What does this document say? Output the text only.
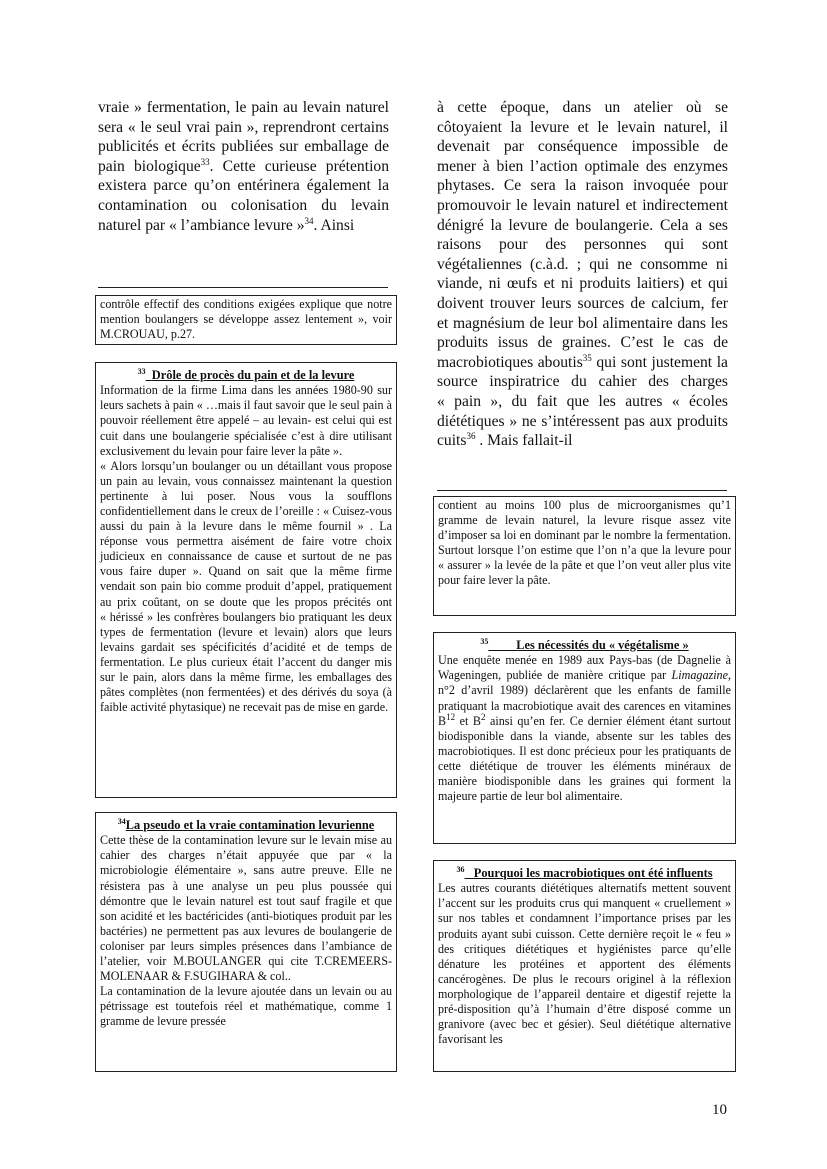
vraie » fermentation, le pain au levain naturel sera « le seul vrai pain », reprendront certains publicités et écrits publiées sur emballage de pain biologique$^{33}$. Cette curieuse prétention existera parce qu’on entérinera également la contamination ou colonisation du levain naturel par « l’ambiance levure »$^{34}$. Ainsi

contrôle effectif des conditions exigées explique que notre mention boulangers se développe assez lentement », voir M.CROUAU, p.27.

33 Drôle de procès du pain et de la levure

Information de la firme Lima dans les années 1980-90 sur leurs sachets à pain « …mais il faut savoir que le seul pain à pouvoir réellement être appelé – au levain- est celui qui est cuit dans une boulangerie spécialisée c’est à dire utilisant exclusivement du levain pour faire lever la pâte ».

« Alors lorsqu’un boulanger ou un détaillant vous propose un pain au levain, vous connaissez maintenant la question pertinente à lui poser. Nous vous la soufflons confidentiellement dans le creux de l’oreille : « Cuisez-vous aussi du pain à la levure dans le même fournil » . La réponse vous permettra aisément de faire votre choix judicieux en connaissance de cause et surtout de ne pas vous faire duper ». Quand on sait que la même firme vendait son pain bio comme produit d’appel, pratiquement au prix coûtant, on se doute que les propos précités ont « hérissé » les confrères boulangers bio pratiquant les deux types de fermentation (levure et levain) alors que leurs levains gardait ses spécificités d’acidité et de temps de fermentation. Le plus curieux était l’accent du danger mis sur le pain, alors dans la même firme, les emballages des pâtes complètes (non fermentées) et des dérivés du soya (à faible activité phytasique) ne recevait pas de mise en garde.

34La pseudo et la vraie contamination levurienne

Cette thèse de la contamination levure sur le levain mise au cahier des charges n’était appuyée que par « la microbiologie élémentaire », sans autre preuve. Elle ne résistera pas à une analyse un peu plus poussée qui démontre que le levain naturel est tout sauf fragile et que son acidité et les bactéricides (anti-biotiques produit par les bactéries) ne permettent pas aux levures de boulangerie de coloniser par leurs simples présences dans l’ambiance de l’atelier, voir M.BOULANGER qui cite T.CREMEERS-MOLENAAR & F.SUGIHARA & col..

La contamination de la levure ajoutée dans un levain ou au pétrissage est toutefois réel et mathématique, comme 1 gramme de levure pressée

à cette époque, dans un atelier où se côtoyaient la levure et le levain naturel, il devenait par conséquence impossible de mener à bien l’action optimale des enzymes phytases. Ce sera la raison invoquée pour promouvoir le levain naturel et indirectement dénigré la levure de boulangerie. Cela a ses raisons pour des personnes qui sont végétaliennes (c.à.d. ; qui ne consomme ni viande, ni œufs et ni produits laitiers) et qui doivent trouver leurs sources de calcium, fer et magnésium de leur bol alimentaire dans les produits issus de graines. C’est le cas de macrobiotiques aboutis$^{35}$ qui sont justement la source inspiratrice du cahier des charges « pain », du fait que les autres « écoles diététiques » ne s’intéressent pas aux produits cuits$^{36}$ . Mais fallait-il

contient au moins 100 plus de microorganismes qu’1 gramme de levain naturel, la levure risque assez vite d’imposer sa loi en dominant par le nombre la fermentation. Surtout lorsque l’on estime que l’on n’a que la levure pour « assurer » la levée de la pâte et que l’on veut aller plus vite pour faire lever la pâte.

35 Les nécessités du « végétalisme »

Une enquête menée en 1989 aux Pays-bas (de Dagnelie à Wageningen, publiée de manière critique par Limagazine, n°2 d’avril 1989) déclarèrent que les enfants de famille pratiquant la macrobiotique avait des carences en vitamines $B^{12}$ et $B^2$ ainsi qu’en fer. Ce dernier élément étant surtout biodisponible dans la viande, absente sur les tables des macrobiotiques. Il est donc précieux pour les pratiquants de cette diététique de trouver les éléments minéraux de manière biodisponible dans les graines qui forment la majeure partie de leur bol alimentaire.

36 Pourquoi les macrobiotiques ont été influents

Les autres courants diététiques alternatifs mettent souvent l’accent sur les produits crus qui manquent « cruellement » sur nos tables et condamnent l’importance prises par les produits ayant subi cuisson. Cette dernière reçoit le « feu » des critiques diététiques et hygiénistes parce qu’elle dénature les protéines et apportent des éléments cancérogènes. De plus le recours originel à la réflexion morphologique de l’appareil dentaire et digestif rejette la pré-disposition qu’à l’humain d’être disposé comme un granivore (avec bec et gésier). Seul diététique alternative favorisant les

10
